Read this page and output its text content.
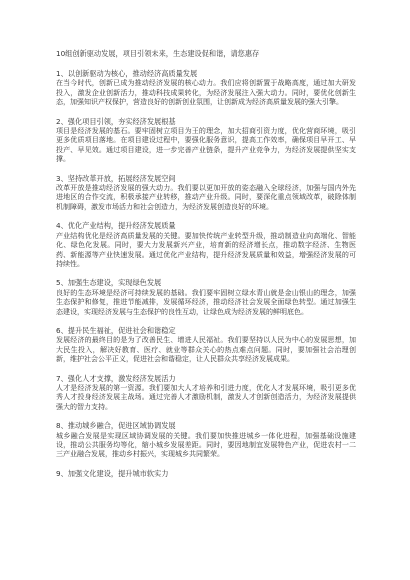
10组创新驱动发展，项目引领未来，生态建设促和谐，请您惠存
1、以创新驱动为核心，推动经济高质量发展

在当今时代，创新已成为推动经济发展的核心动力。我们应将创新置于战略高度，通过加大研发投入，激发企业创新活力，推动科技成果转化，为经济发展注入强大动力。同时，要优化创新生态，加强知识产权保护，营造良好的创新创业氛围，让创新成为经济高质量发展的强大引擎。

2、强化项目引领，夯实经济发展根基

项目是经济发展的基石。要牢固树立项目为王的理念，加大招商引资力度，优化营商环境，吸引更多优质项目落地。在项目建设过程中，要强化服务意识，提高工作效率，确保项目早开工、早投产、早见效。通过项目建设，进一步完善产业链条，提升产业竞争力，为经济发展提供坚实支撑。

3、坚持改革开放，拓展经济发展空间

改革开放是推动经济发展的强大动力。我们要以更加开放的姿态融入全球经济，加强与国内外先进地区的合作交流，积极承接产业转移，推动产业升级。同时，要深化重点领域改革，破除体制机制障碍，激发市场活力和社会创造力，为经济发展创造良好的环境。

4、优化产业结构，提升经济发展质量

产业结构优化是经济高质量发展的关键。要加快传统产业转型升级，推动制造业向高端化、智能化、绿色化发展。同时，要大力发展新兴产业，培育新的经济增长点，推动数字经济、生物医药、新能源等产业快速发展。通过优化产业结构，提升经济发展质量和效益，增强经济发展的可持续性。

5、加强生态建设，实现绿色发展

良好的生态环境是经济可持续发展的基础。我们要牢固树立绿水青山就是金山银山的理念，加强生态保护和修复，推进节能减排，发展循环经济，推动经济社会发展全面绿色转型。通过加强生态建设，实现经济发展与生态保护的良性互动，让绿色成为经济发展的鲜明底色。

6、提升民生福祉，促进社会和谐稳定

发展经济的最终目的是为了改善民生、增进人民福祉。我们要坚持以人民为中心的发展思想，加大民生投入，解决好教育、医疗、就业等群众关心的热点难点问题。同时，要加强社会治理创新，维护社会公平正义，促进社会和谐稳定，让人民群众共享经济发展成果。

7、强化人才支撑，激发经济发展活力

人才是经济发展的第一资源。我们要加大人才培养和引进力度，优化人才发展环境，吸引更多优秀人才投身经济发展主战场。通过完善人才激励机制，激发人才创新创造活力，为经济发展提供强大的智力支持。

8、推动城乡融合，促进区域协调发展

城乡融合发展是实现区域协调发展的关键。我们要加快推进城乡一体化进程，加强基础设施建设，推动公共服务均等化，缩小城乡发展差距。同时，要因地制宜发展特色产业，促进农村一二三产业融合发展，推动乡村振兴，实现城乡共同繁荣。

9、加强文化建设，提升城市软实力
